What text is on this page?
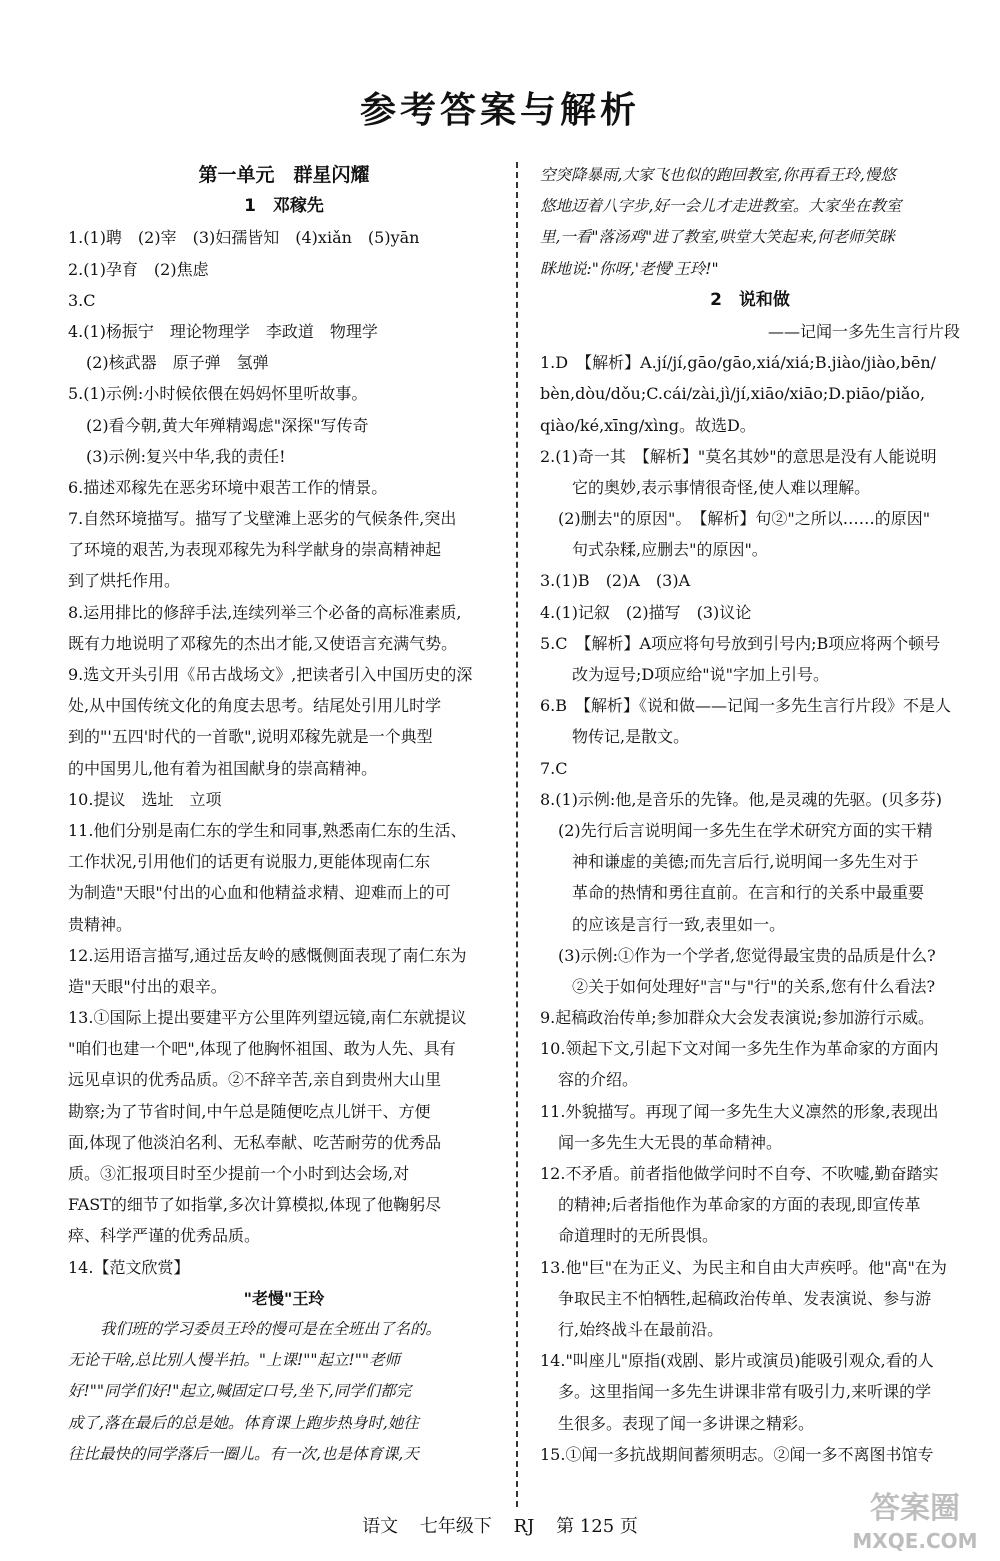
参考答案与解析
第一单元　群星闪耀
1　邓稼先
1.(1)聘　(2)宰　(3)妇孺皆知　(4)xiǎn　(5)yān
2.(1)孕育　(2)焦虑
3.C
4.(1)杨振宁　理论物理学　李政道　物理学
(2)核武器　原子弹　氢弹
5.(1)示例:小时候依偎在妈妈怀里听故事。
(2)看今朝,黄大年殚精竭虑"深探"写传奇
(3)示例:复兴中华,我的责任!
6.描述邓稼先在恶劣环境中艰苦工作的情景。
7.自然环境描写。描写了戈壁滩上恶劣的气候条件,突出
了环境的艰苦,为表现邓稼先为科学献身的崇高精神起
到了烘托作用。
8.运用排比的修辞手法,连续列举三个必备的高标准素质,
既有力地说明了邓稼先的杰出才能,又使语言充满气势。
9.选文开头引用《吊古战场文》,把读者引入中国历史的深
处,从中国传统文化的角度去思考。结尾处引用儿时学
到的"'五四'时代的一首歌",说明邓稼先就是一个典型
的中国男儿,他有着为祖国献身的崇高精神。
10.提议　选址　立项
11.他们分别是南仁东的学生和同事,熟悉南仁东的生活、
工作状况,引用他们的话更有说服力,更能体现南仁东
为制造"天眼"付出的心血和他精益求精、迎难而上的可
贵精神。
12.运用语言描写,通过岳友岭的感慨侧面表现了南仁东为
造"天眼"付出的艰辛。
13.①国际上提出要建平方公里阵列望远镜,南仁东就提议
"咱们也建一个吧",体现了他胸怀祖国、敢为人先、具有
远见卓识的优秀品质。②不辞辛苦,亲自到贵州大山里
勘察;为了节省时间,中午总是随便吃点儿饼干、方便
面,体现了他淡泊名利、无私奉献、吃苦耐劳的优秀品
质。③汇报项目时至少提前一个小时到达会场,对
FAST的细节了如指掌,多次计算模拟,体现了他鞠躬尽
瘁、科学严谨的优秀品质。
14.【范文欣赏】
"老慢"王玲
我们班的学习委员王玲的慢可是在全班出了名的。
无论干啥,总比别人慢半拍。"上课!""起立!""老师
好!""同学们好!"起立,喊固定口号,坐下,同学们都完
成了,落在最后的总是她。体育课上跑步热身时,她往
往比最快的同学落后一圈儿。有一次,也是体育课,天
空突降暴雨,大家飞也似的跑回教室,你再看王玲,慢悠
悠地迈着八字步,好一会儿才走进教室。大家坐在教室
里,一看"落汤鸡"进了教室,哄堂大笑起来,何老师笑眯
眯地说:"你呀,'老慢'王玲!"
2　说和做
——记闻一多先生言行片段
1.D　【解析】A.jí/jí,gāo/gāo,xiá/xiá;B.jiào/jiào,bēn/
bèn,dòu/dǒu;C.cái/zài,jì/jí,xiāo/xiāo;D.piāo/piǎo,
qiào/ké,xīng/xìng。故选D。
2.(1)奇一其　【解析】"莫名其妙"的意思是没有人能说明
它的奥妙,表示事情很奇怪,使人难以理解。
(2)删去"的原因"。　【解析】句②"之所以……的原因"
句式杂糅,应删去"的原因"。
3.(1)B　(2)A　(3)A
4.(1)记叙　(2)描写　(3)议论
5.C　【解析】A项应将句号放到引号内;B项应将两个顿号
改为逗号;D项应给"说"字加上引号。
6.B　【解析】《说和做——记闻一多先生言行片段》不是人
物传记,是散文。
7.C
8.(1)示例:他,是音乐的先锋。他,是灵魂的先驱。(贝多芬)
(2)先行后言说明闻一多先生在学术研究方面的实干精
神和谦虚的美德;而先言后行,说明闻一多先生对于
革命的热情和勇往直前。在言和行的关系中最重要
的应该是言行一致,表里如一。
(3)示例:①作为一个学者,您觉得最宝贵的品质是什么?
②关于如何处理好"言"与"行"的关系,您有什么看法?
9.起稿政治传单;参加群众大会发表演说;参加游行示威。
10.领起下文,引起下文对闻一多先生作为革命家的方面内
容的介绍。
11.外貌描写。再现了闻一多先生大义凛然的形象,表现出
闻一多先生大无畏的革命精神。
12.不矛盾。前者指他做学问时不自夸、不吹嘘,勤奋踏实
的精神;后者指他作为革命家的方面的表现,即宣传革
命道理时的无所畏惧。
13.他"巨"在为正义、为民主和自由大声疾呼。他"高"在为
争取民主不怕牺牲,起稿政治传单、发表演说、参与游
行,始终战斗在最前沿。
14."叫座儿"原指(戏剧、影片或演员)能吸引观众,看的人
多。这里指闻一多先生讲课非常有吸引力,来听课的学
生很多。表现了闻一多讲课之精彩。
15.①闻一多抗战期间蓄须明志。②闻一多不离图书馆专
语文 七年级下 RJ 第 125 页
答案圈
MXQE.COM
